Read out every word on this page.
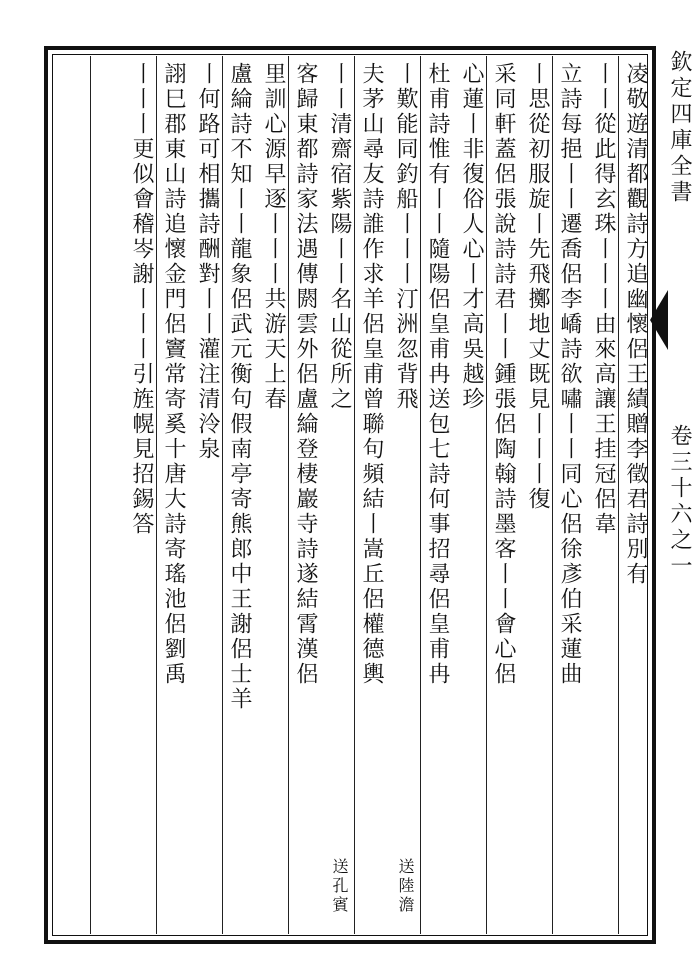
凌敬遊清都觀詩方追幽懷侶王績贈李徵君詩別有
丨丨從此得玄珠丨丨丨由來高讓王挂冠侶韋
立詩每挹丨丨遷喬侶李嶠詩欲嘯丨丨同心侶徐彥伯采蓮曲
丨思從初服旋丨先飛擲地丈既見丨丨丨復
采同軒蓋侶張說詩詩君丨丨鍾張侶陶翰詩墨客丨丨會心侶
心蓮丨非復俗人心丨才高吳越珍
杜甫詩惟有丨丨隨陽侶皇甫冉送包七詩何事招尋侶皇甫冉
丨歎能同釣船丨丨丨汀洲忽背飛
夫茅山尋友詩誰作求羊侶皇甫曾聯句頻結丨嵩丘侶權德輿
丨丨清齋宿紫陽丨丨名山從所之
客歸東都詩家法遇傳閼雲外侶盧綸登棲巖寺詩遂結霄漢侶
里訓心源早逐丨丨丨共游天上春
盧綸詩不知丨丨龍象侶武元衡句假南亭寄熊郎中王謝侶士羊
丨何路可相攜詩酬對丨丨灌注清泠泉
詡巳郡東山詩追懷金門侶竇常寄奚十唐大詩寄瑤池侶劉禹
丨丨丨更似會稽岑謝丨丨丨引旌幌見招錫答
送陸澹
送孔賓
欽定四庫全書  卷三十六之一
